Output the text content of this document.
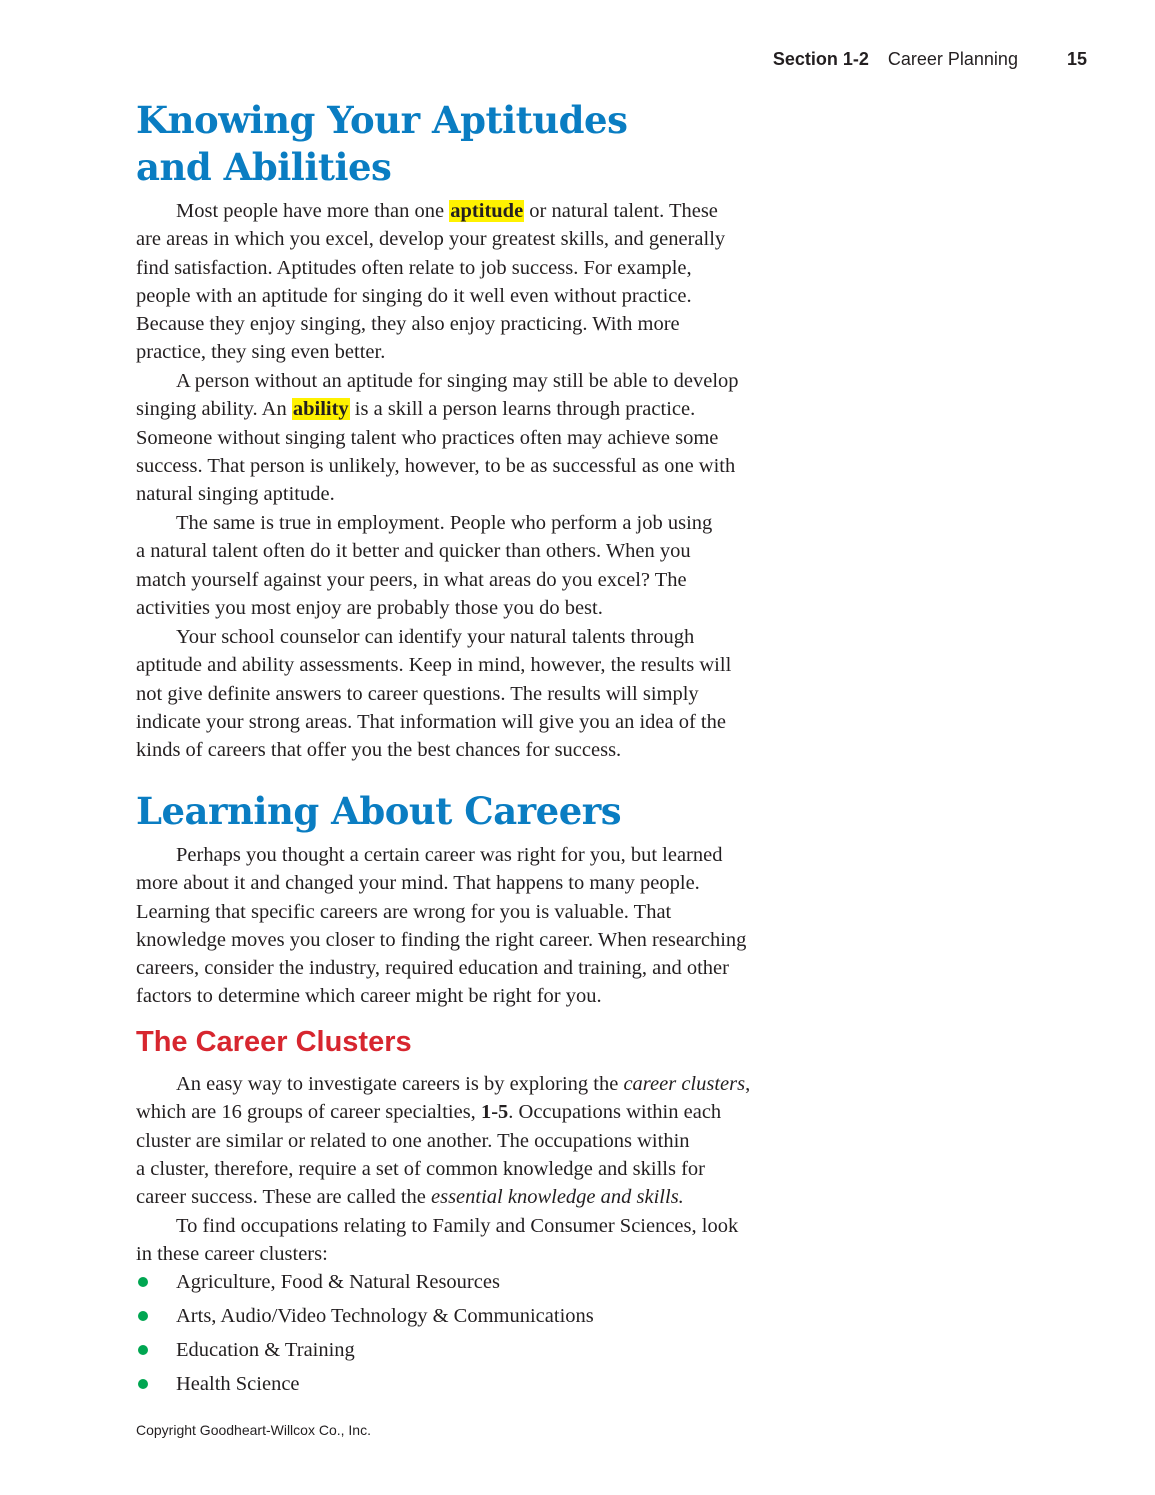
Section 1-2 Career Planning	15
Knowing Your Aptitudes
and Abilities
Most people have more than one aptitude or natural talent. These
are areas in which you excel, develop your greatest skills, and generally
find satisfaction. Aptitudes often relate to job success. For example,
people with an aptitude for singing do it well even without practice.
Because they enjoy singing, they also enjoy practicing. With more
practice, they sing even better.
A person without an aptitude for singing may still be able to develop
singing ability. An ability is a skill a person learns through practice.
Someone without singing talent who practices often may achieve some
success. That person is unlikely, however, to be as successful as one with
natural singing aptitude.
The same is true in employment. People who perform a job using
a natural talent often do it better and quicker than others. When you
match yourself against your peers, in what areas do you excel? The
activities you most enjoy are probably those you do best.
Your school counselor can identify your natural talents through
aptitude and ability assessments. Keep in mind, however, the results will
not give definite answers to career questions. The results will simply
indicate your strong areas. That information will give you an idea of the
kinds of careers that offer you the best chances for success.
Learning About Careers
Perhaps you thought a certain career was right for you, but learned
more about it and changed your mind. That happens to many people.
Learning that specific careers are wrong for you is valuable. That
knowledge moves you closer to finding the right career. When researching
careers, consider the industry, required education and training, and other
factors to determine which career might be right for you.
The Career Clusters
An easy way to investigate careers is by exploring the career clusters,
which are 16 groups of career specialties, 1-5. Occupations within each
cluster are similar or related to one another. The occupations within
a cluster, therefore, require a set of common knowledge and skills for
career success. These are called the essential knowledge and skills.
To find occupations relating to Family and Consumer Sciences, look
in these career clusters:
Agriculture, Food & Natural Resources
Arts, Audio/Video Technology & Communications
Education & Training
Health Science
Copyright Goodheart-Willcox Co., Inc.
